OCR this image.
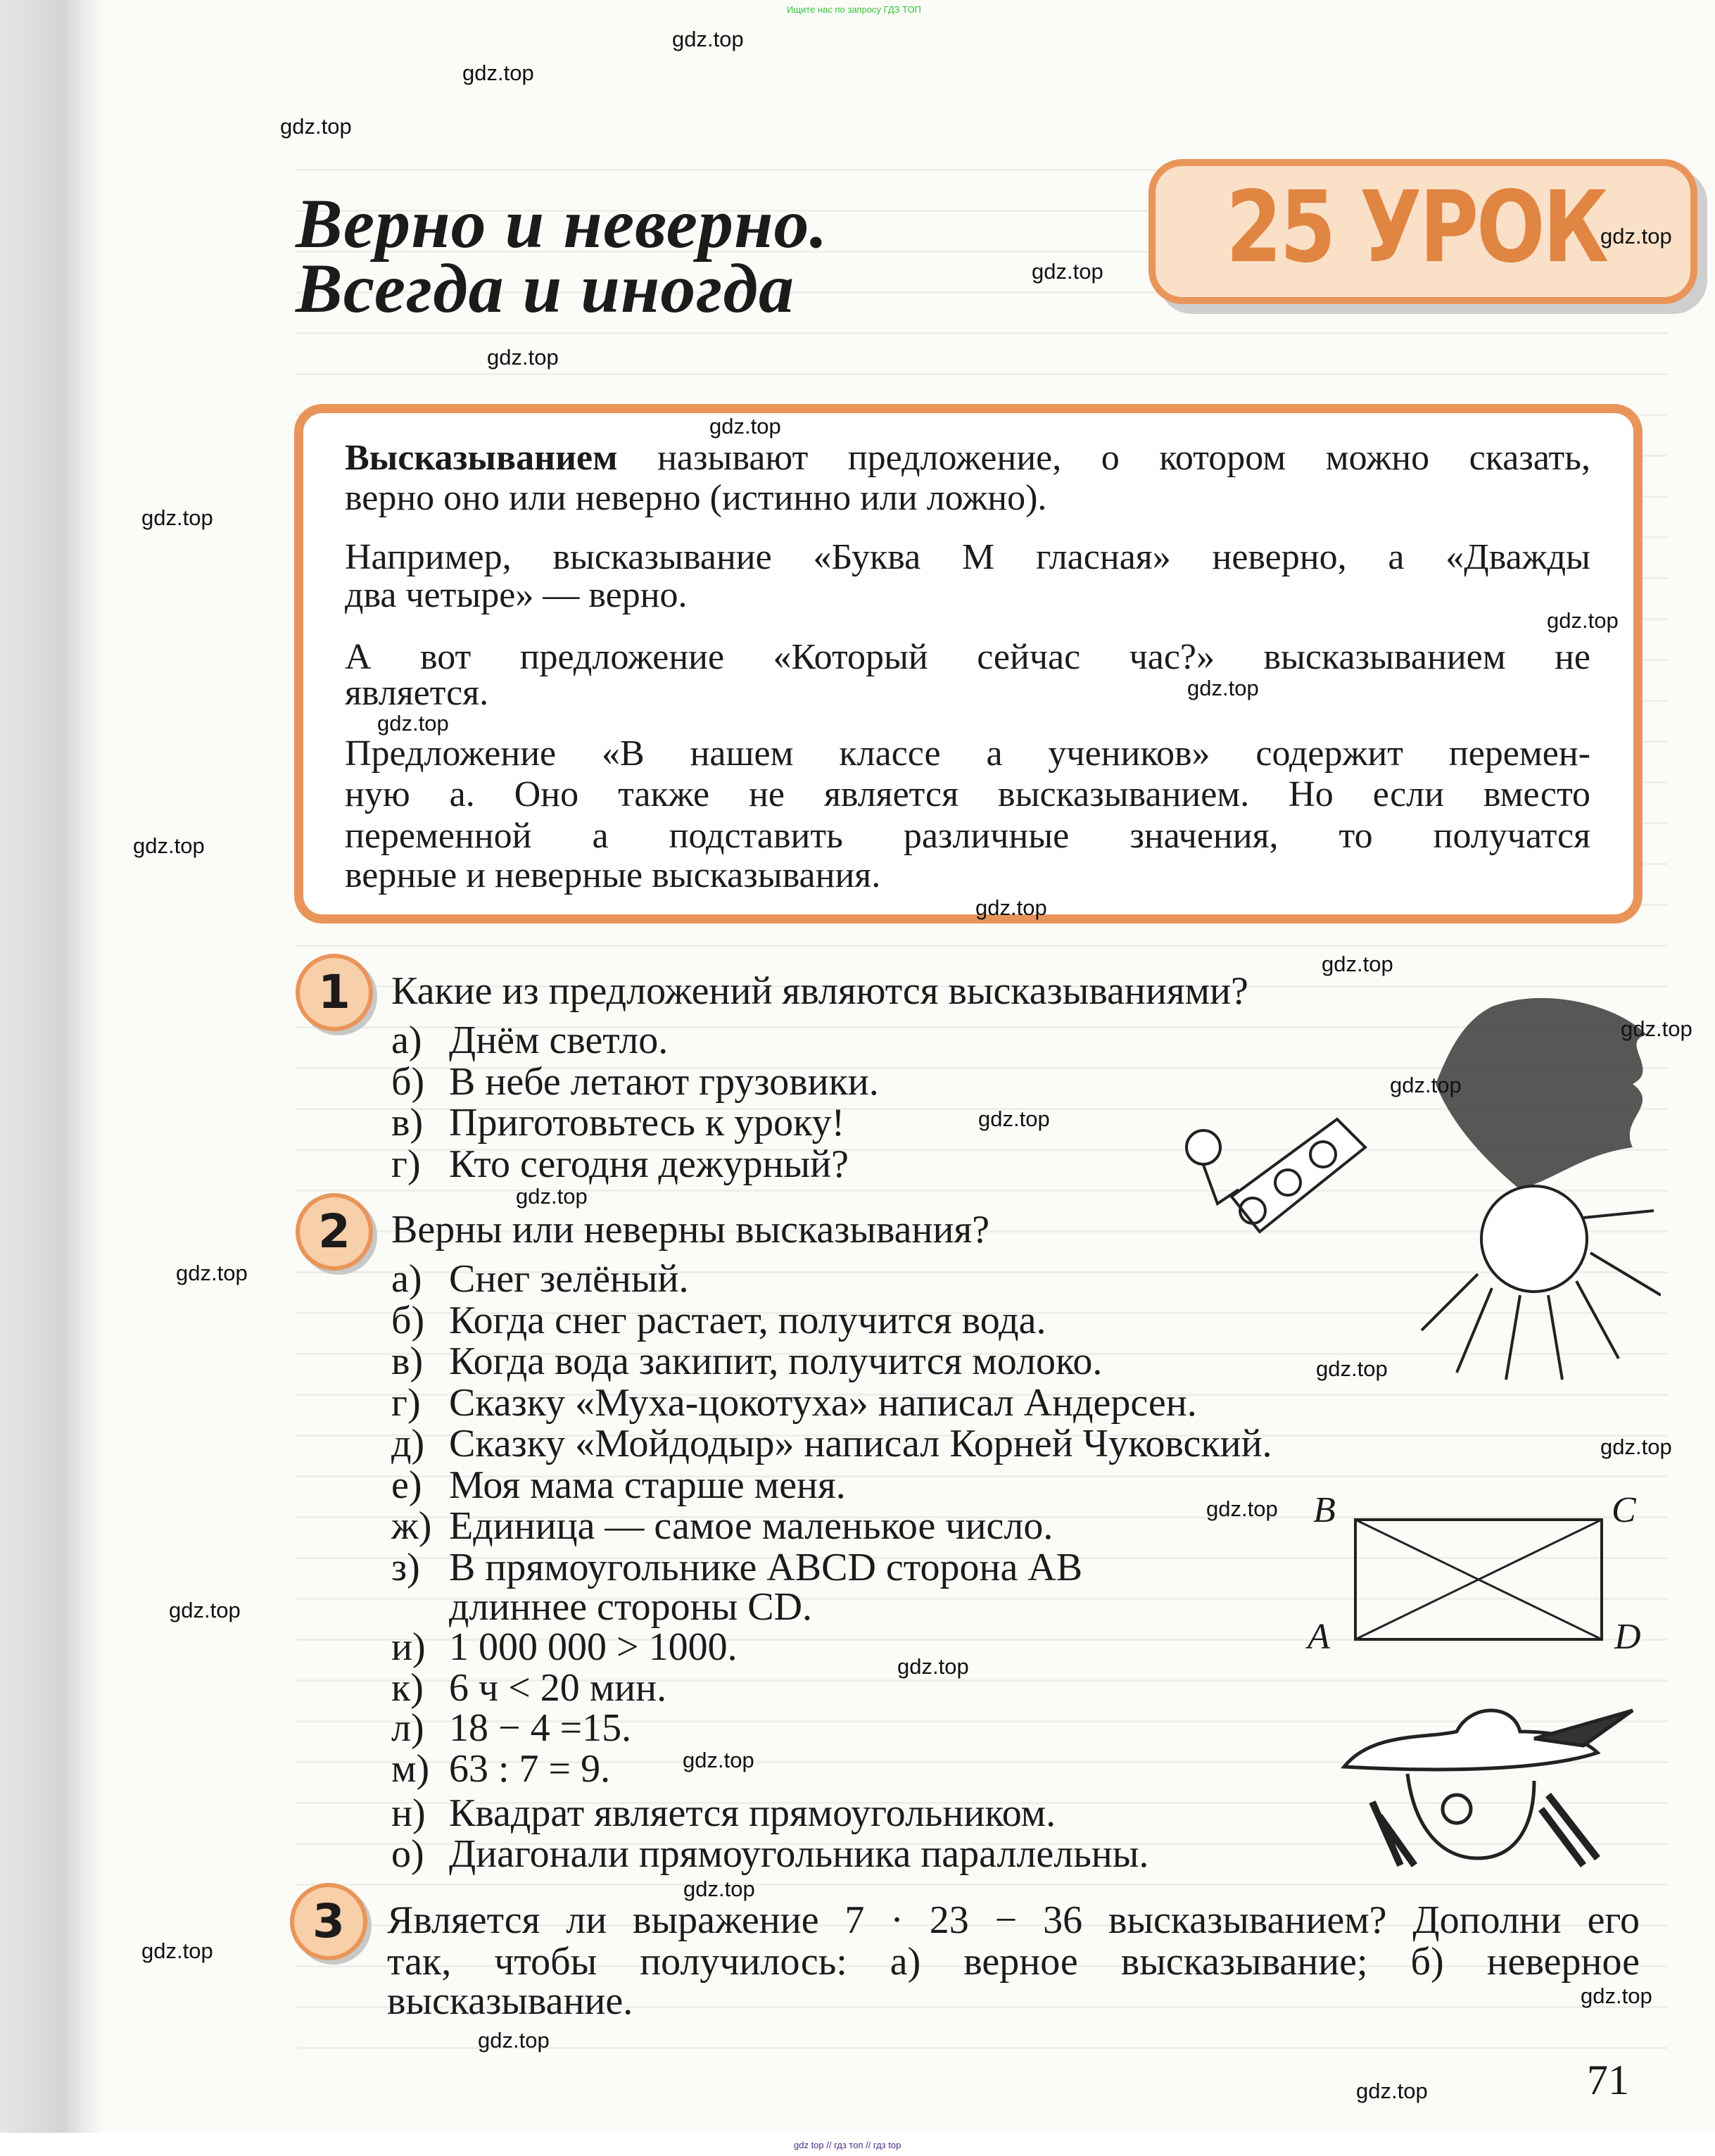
Ищите нас по запросу ГДЗ ТОП
gdz top // гдз топ // гдз top
Верно и неверно.
Всегда и иногда
25 УРОК
Высказыванием называют предложение, о котором можно сказать,
верно оно или неверно (истинно или ложно).
Например, высказывание «Буква М гласная» неверно, а «Дважды
два четыре» — верно.
А вот предложение «Который сейчас час?» высказыванием не
является.
Предложение «В нашем классе a учеников» содержит перемен-
ную a. Оно также не является высказыванием. Но если вместо
переменной a подставить различные значения, то получатся
верные и неверные высказывания.
1	Какие из предложений являются высказываниями?
а) Днём светло.
б) В небе летают грузовики.
в) Приготовьтесь к уроку!
г) Кто сегодня дежурный?
2	Верны или неверны высказывания?
а) Снег зелёный.
б) Когда снег растает, получится вода.
в) Когда вода закипит, получится молоко.
г) Сказку «Муха-цокотуха» написал Андерсен.
д) Сказку «Мойдодыр» написал Корней Чуковский.
е) Моя мама старше меня.
ж) Единица — самое маленькое число.
з) В прямоугольнике ABCD сторона AB
длиннее стороны CD.
и) 1 000 000 > 1000.
к) 6 ч < 20 мин.
л) 18 − 4 =15.
м) 63 : 7 = 9.
н) Квадрат является прямоугольником.
о) Диагонали прямоугольника параллельны.
3	Является ли выражение 7 · 23 − 36 высказыванием? Дополни его
так, чтобы получилось: а) верное высказывание; б) неверное
высказывание.
B	C
A	D
71
gdz.top
gdz.top
gdz.top
gdz.top
gdz.top
gdz.top
gdz.top
gdz.top
gdz.top
gdz.top
gdz.top
gdz.top
gdz.top
gdz.top
gdz.top
gdz.top
gdz.top
gdz.top
gdz.top
gdz.top
gdz.top
gdz.top
gdz.top
gdz.top
gdz.top
gdz.top
gdz.top
gdz.top
gdz.top
gdz.top
